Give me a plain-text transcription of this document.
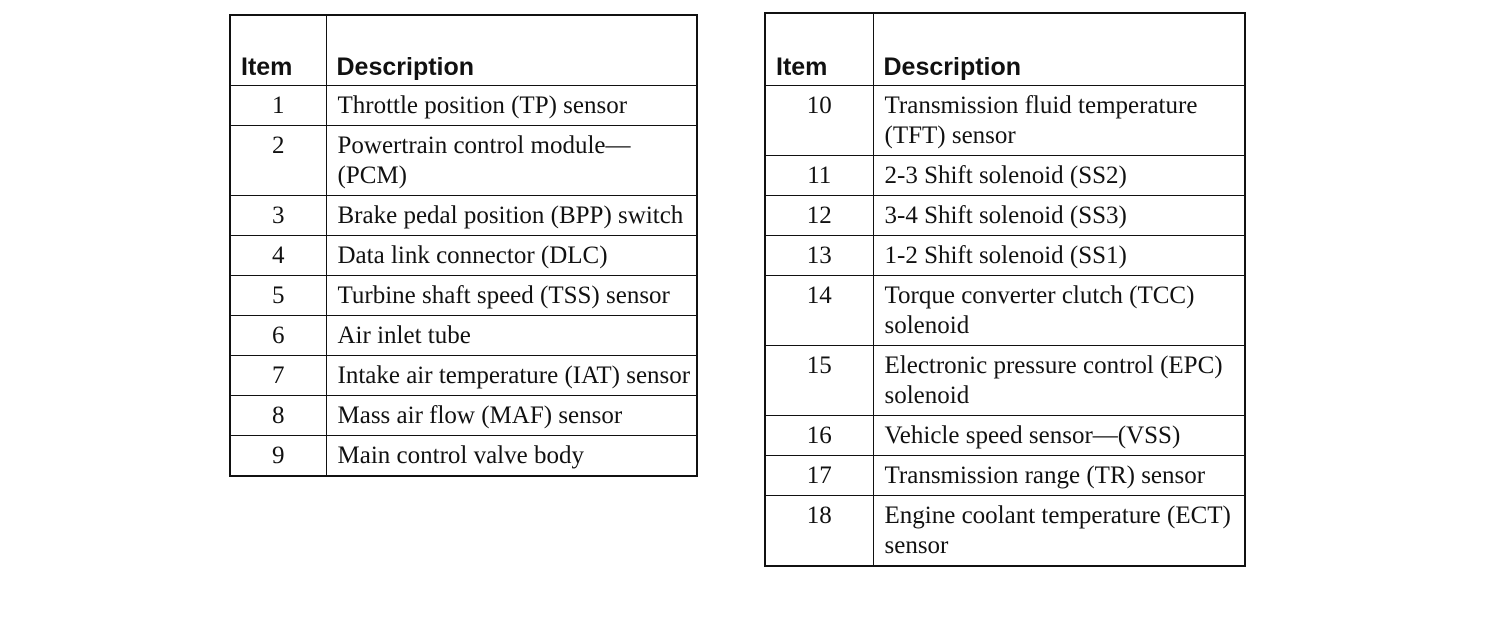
Item	Description
1	Throttle position (TP) sensor
2	Powertrain control module—(PCM)
3	Brake pedal position (BPP) switch
4	Data link connector (DLC)
5	Turbine shaft speed (TSS) sensor
6	Air inlet tube
7	Intake air temperature (IAT) sensor
8	Mass air flow (MAF) sensor
9	Main control valve body
Item	Description
10	Transmission fluid temperature (TFT) sensor
11	2-3 Shift solenoid (SS2)
12	3-4 Shift solenoid (SS3)
13	1-2 Shift solenoid (SS1)
14	Torque converter clutch (TCC) solenoid
15	Electronic pressure control (EPC) solenoid
16	Vehicle speed sensor—(VSS)
17	Transmission range (TR) sensor
18	Engine coolant temperature (ECT) sensor
